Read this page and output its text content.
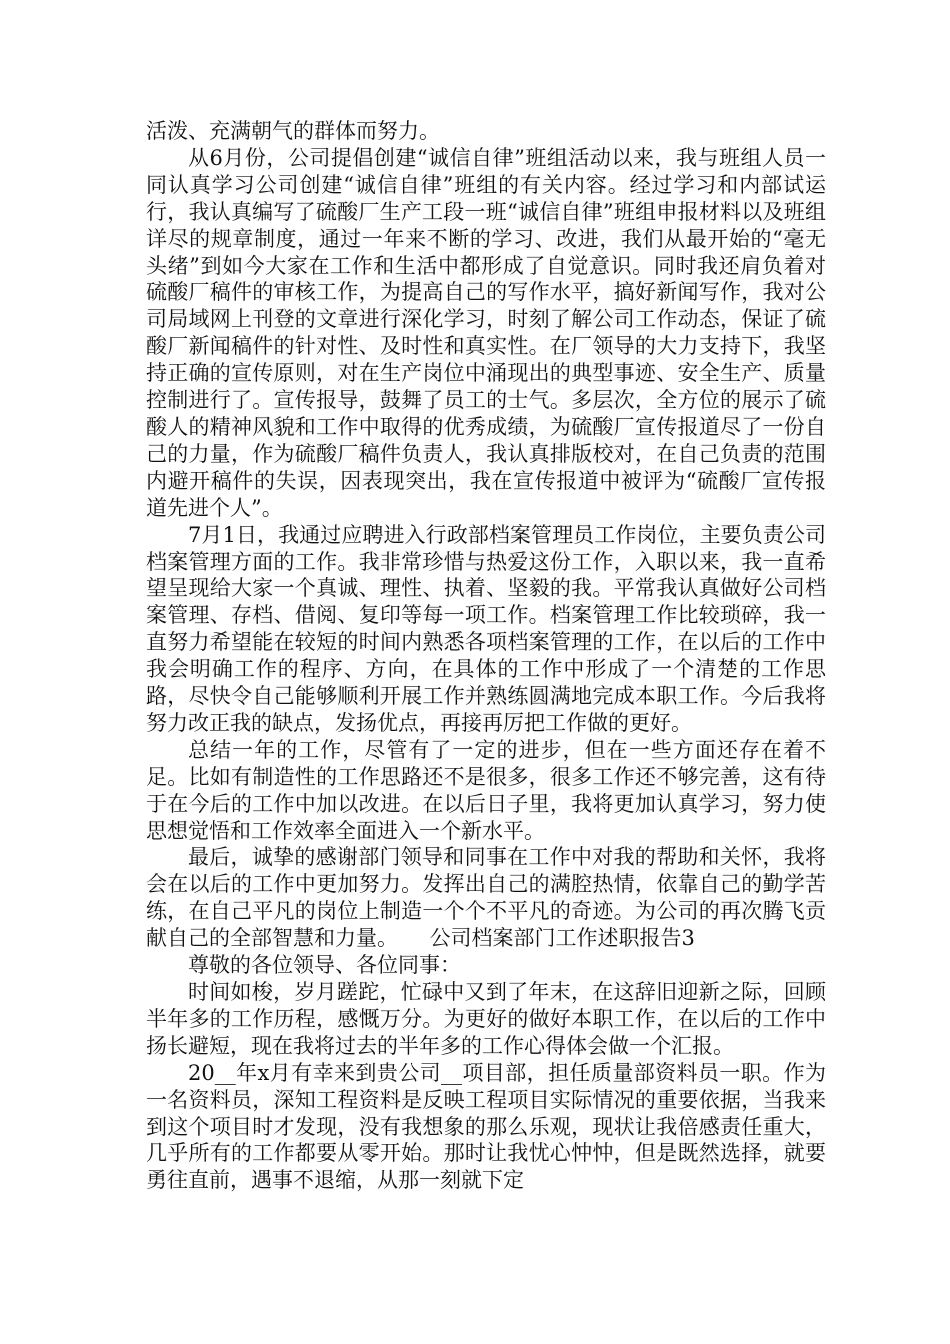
活泼、充满朝气的群体而努力。

从6月份，公司提倡创建“诚信自律”班组活动以来，我与班组人员一同认真学习公司创建“诚信自律”班组的有关内容。经过学习和内部试运行，我认真编写了硫酸厂生产工段一班“诚信自律”班组申报材料以及班组详尽的规章制度，通过一年来不断的学习、改进，我们从最开始的“毫无头绪”到如今大家在工作和生活中都形成了自觉意识。同时我还肩负着对硫酸厂稿件的审核工作，为提高自己的写作水平，搞好新闻写作，我对公司局域网上刊登的文章进行深化学习，时刻了解公司工作动态，保证了硫酸厂新闻稿件的针对性、及时性和真实性。在厂领导的大力支持下，我坚持正确的宣传原则，对在生产岗位中涌现出的典型事迹、安全生产、质量控制进行了。宣传报导，鼓舞了员工的士气。多层次，全方位的展示了硫酸人的精神风貌和工作中取得的优秀成绩，为硫酸厂宣传报道尽了一份自己的力量，作为硫酸厂稿件负责人，我认真排版校对，在自己负责的范围内避开稿件的失误，因表现突出，我在宣传报道中被评为“硫酸厂宣传报道先进个人”。

7月1日，我通过应聘进入行政部档案管理员工作岗位，主要负责公司档案管理方面的工作。我非常珍惜与热爱这份工作，入职以来，我一直希望呈现给大家一个真诚、理性、执着、坚毅的我。平常我认真做好公司档案管理、存档、借阅、复印等每一项工作。档案管理工作比较琐碎，我一直努力希望能在较短的时间内熟悉各项档案管理的工作，在以后的工作中我会明确工作的程序、方向，在具体的工作中形成了一个清楚的工作思路，尽快令自己能够顺利开展工作并熟练圆满地完成本职工作。今后我将努力改正我的缺点，发扬优点，再接再厉把工作做的更好。

总结一年的工作，尽管有了一定的进步，但在一些方面还存在着不足。比如有制造性的工作思路还不是很多，很多工作还不够完善，这有待于在今后的工作中加以改进。在以后日子里，我将更加认真学习，努力使思想觉悟和工作效率全面进入一个新水平。

最后，诚挚的感谢部门领导和同事在工作中对我的帮助和关怀，我将会在以后的工作中更加努力。发挥出自己的满腔热情，依靠自己的勤学苦练，在自己平凡的岗位上制造一个个不平凡的奇迹。为公司的再次腾飞贡献自己的全部智慧和力量。　　公司档案部门工作述职报告3

尊敬的各位领导、各位同事：

时间如梭，岁月蹉跎，忙碌中又到了年末，在这辞旧迎新之际，回顾半年多的工作历程，感慨万分。为更好的做好本职工作，在以后的工作中扬长避短，现在我将过去的半年多的工作心得体会做一个汇报。

20__年x月有幸来到贵公司__项目部，担任质量部资料员一职。作为一名资料员，深知工程资料是反映工程项目实际情况的重要依据，当我来到这个项目时才发现，没有我想象的那么乐观，现状让我倍感责任重大，几乎所有的工作都要从零开始。那时让我忧心忡忡，但是既然选择，就要勇往直前，遇事不退缩，从那一刻就下定
